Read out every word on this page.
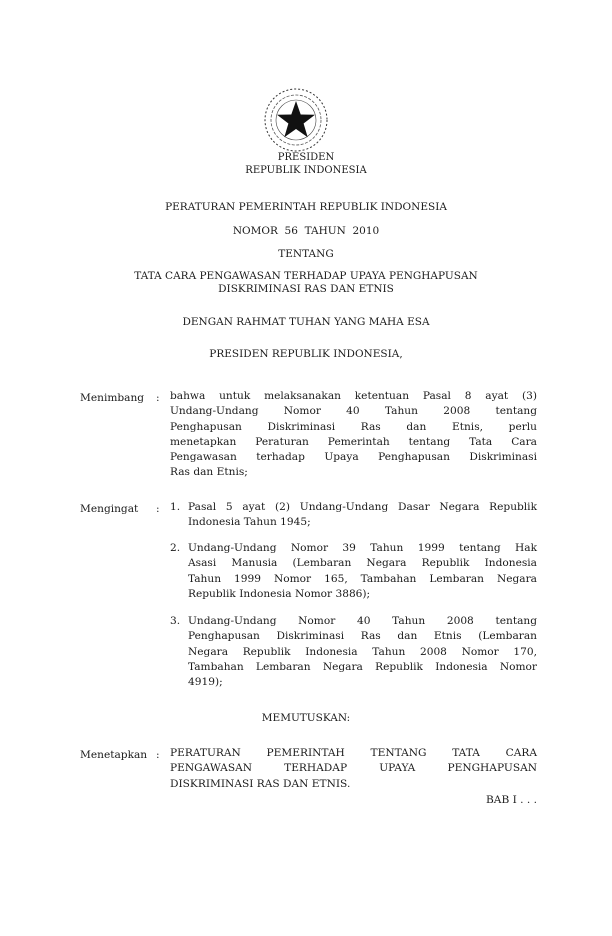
PRESIDEN
REPUBLIK INDONESIA
PERATURAN PEMERINTAH REPUBLIK INDONESIA
NOMOR  56  TAHUN  2010
TENTANG
TATA CARA PENGAWASAN TERHADAP UPAYA PENGHAPUSAN
DISKRIMINASI RAS DAN ETNIS
DENGAN RAHMAT TUHAN YANG MAHA ESA
PRESIDEN REPUBLIK INDONESIA,
Menimbang : bahwa untuk melaksanakan ketentuan Pasal 8 ayat (3)
Undang-Undang Nomor 40 Tahun 2008 tentang
Penghapusan Diskriminasi Ras dan Etnis, perlu
menetapkan Peraturan Pemerintah tentang Tata Cara
Pengawasan terhadap Upaya Penghapusan Diskriminasi
Ras dan Etnis;
Mengingat : 1. Pasal 5 ayat (2) Undang-Undang Dasar Negara Republik
Indonesia Tahun 1945;
2. Undang-Undang Nomor 39 Tahun 1999 tentang Hak
Asasi Manusia (Lembaran Negara Republik Indonesia
Tahun 1999 Nomor 165, Tambahan Lembaran Negara
Republik Indonesia Nomor 3886);
3. Undang-Undang Nomor 40 Tahun 2008 tentang
Penghapusan Diskriminasi Ras dan Etnis (Lembaran
Negara Republik Indonesia Tahun 2008 Nomor 170,
Tambahan Lembaran Negara Republik Indonesia Nomor
4919);
MEMUTUSKAN:
Menetapkan : PERATURAN PEMERINTAH TENTANG TATA CARA
PENGAWASAN TERHADAP UPAYA PENGHAPUSAN
DISKRIMINASI RAS DAN ETNIS.
BAB I . . .
